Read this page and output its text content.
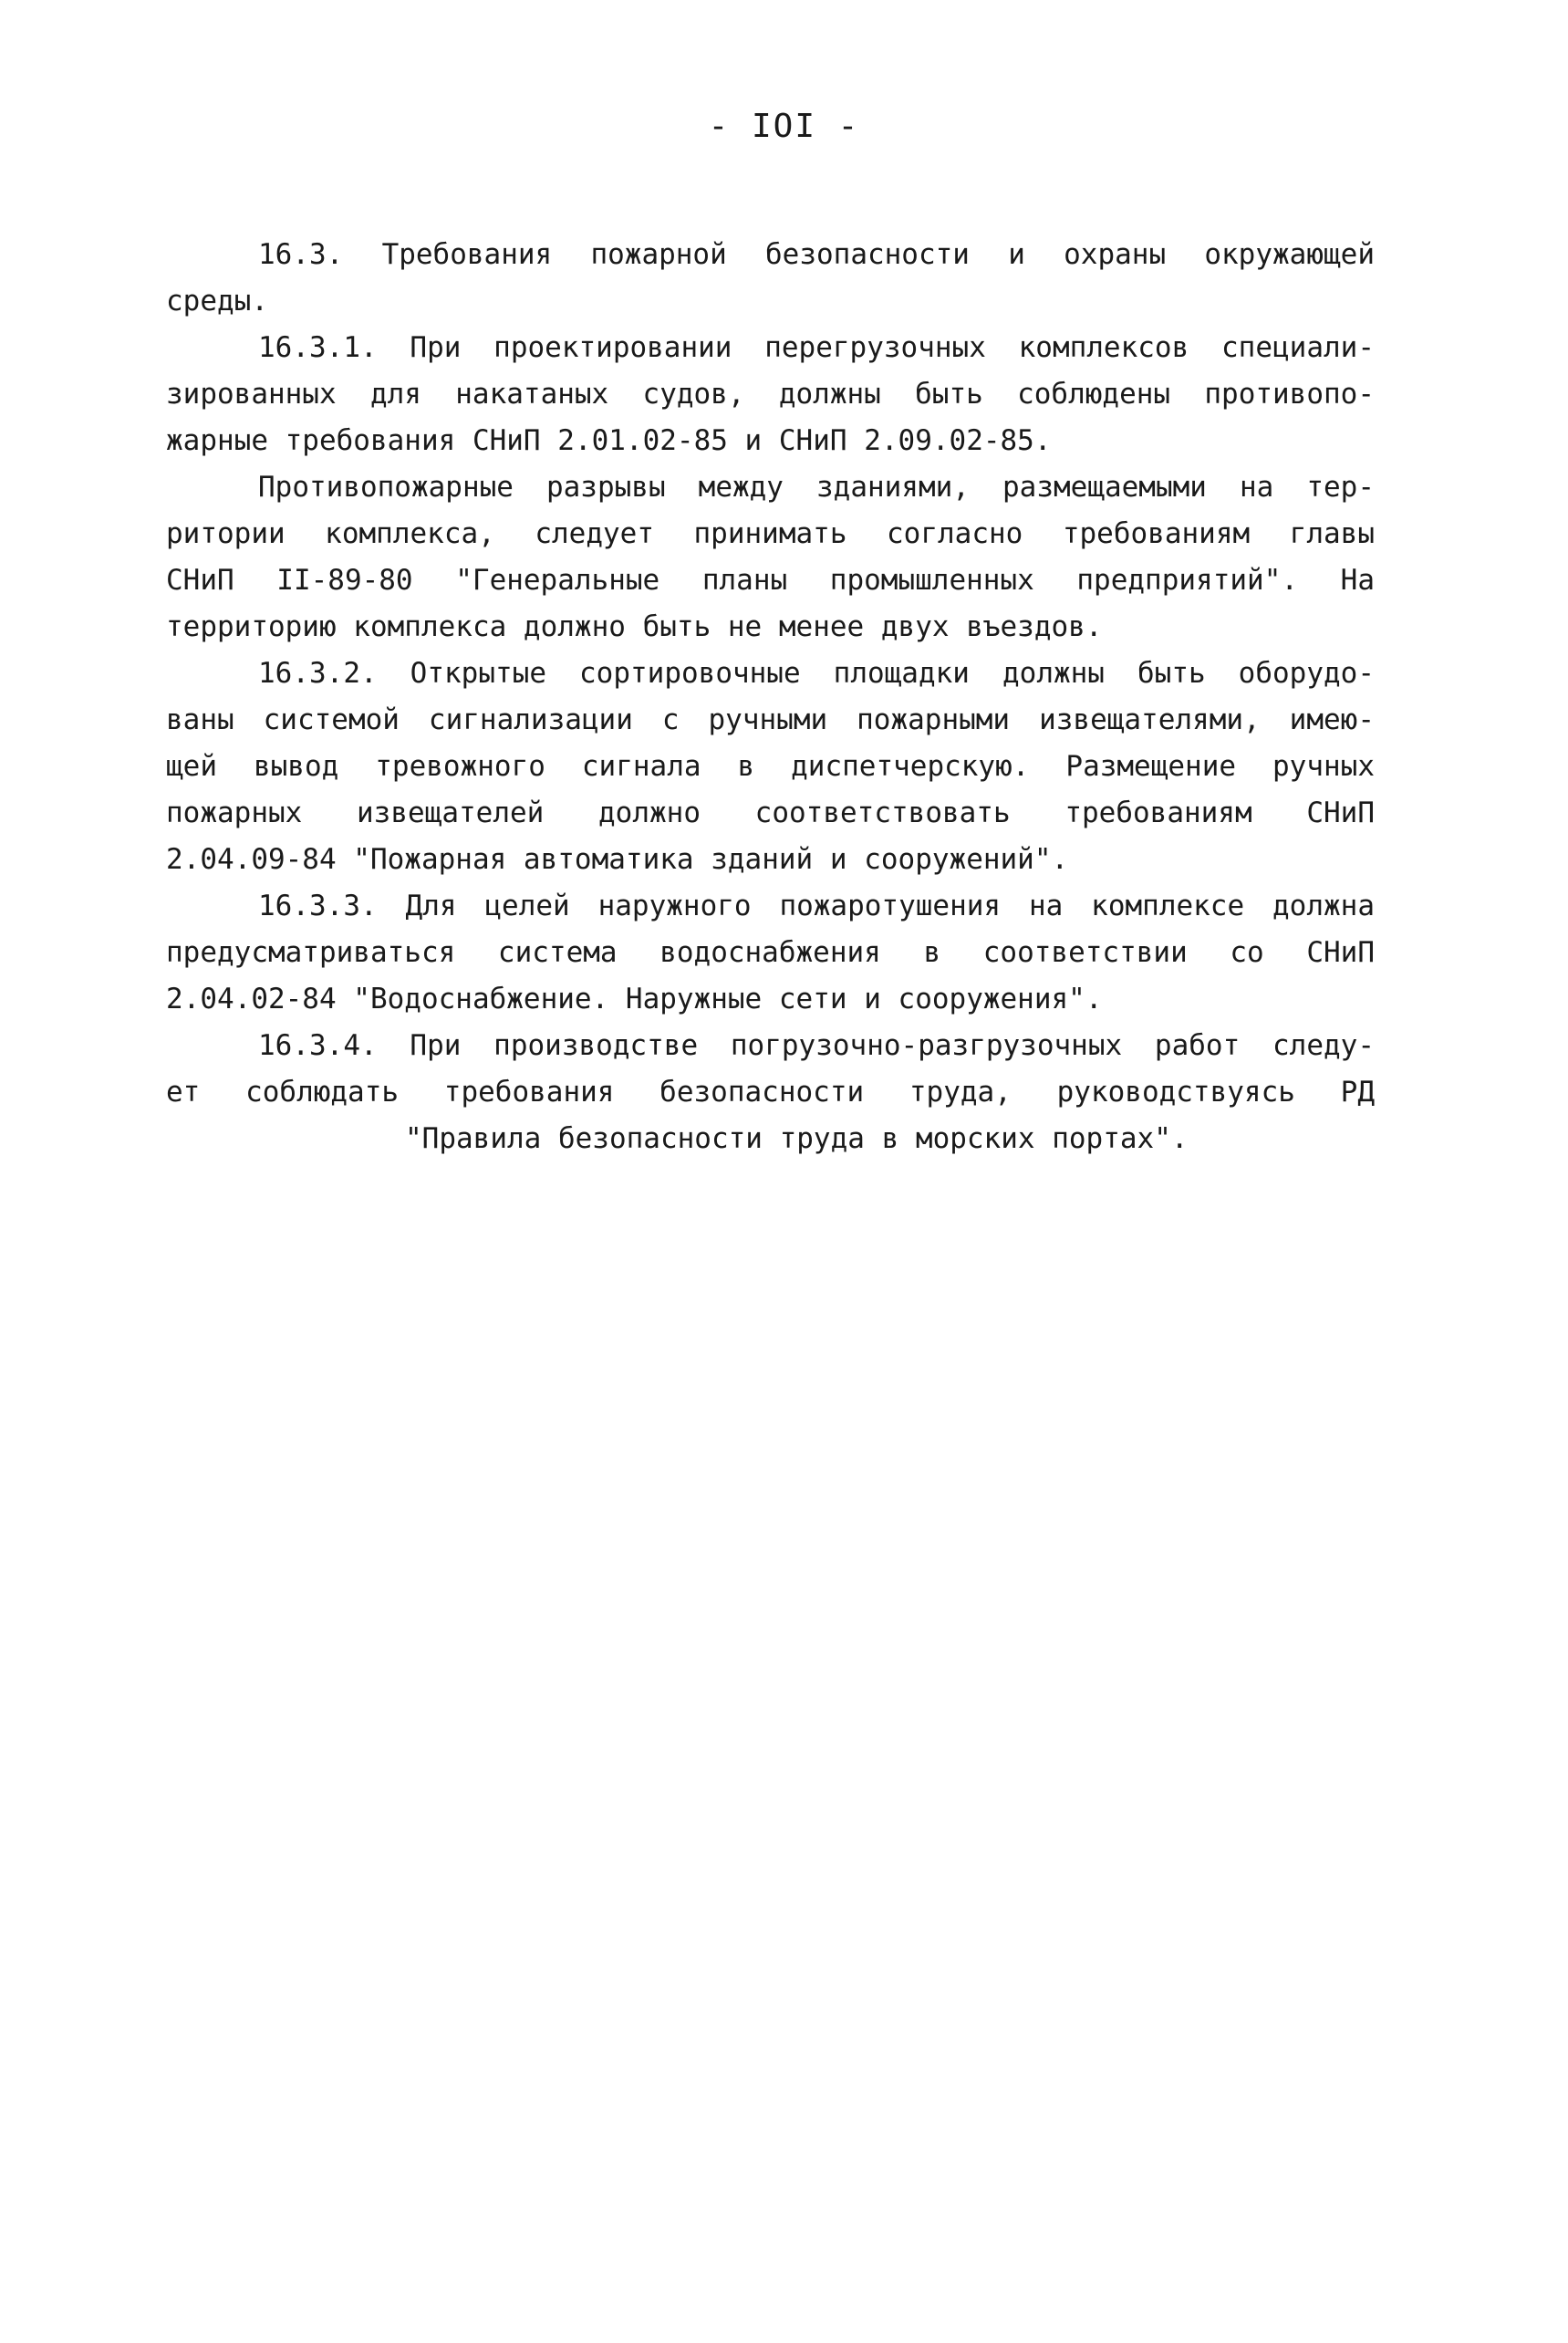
- IOI -
16.3. Требования пожарной безопасности и охраны окружающей
среды.
16.3.1. При проектировании перегрузочных комплексов специали-
зированных для накатаных судов, должны быть соблюдены противопо-
жарные требования СНиП 2.01.02-85 и СНиП 2.09.02-85.
Противопожарные разрывы между зданиями, размещаемыми на тер-
ритории комплекса, следует принимать согласно требованиям главы
СНиП II-89-80 "Генеральные планы промышленных предприятий". На
территорию комплекса должно быть не менее двух въездов.
16.3.2. Открытые сортировочные площадки должны быть оборудо-
ваны системой сигнализации с ручными пожарными извещателями, имею-
щей вывод тревожного сигнала в диспетчерскую. Размещение ручных
пожарных извещателей должно соответствовать требованиям СНиП
2.04.09-84 "Пожарная автоматика зданий и сооружений".
16.3.3. Для целей наружного пожаротушения на комплексе должна
предусматриваться система водоснабжения в соответствии со СНиП
2.04.02-84 "Водоснабжение. Наружные сети и сооружения".
16.3.4. При производстве погрузочно-разгрузочных работ следу-
ет соблюдать требования безопасности труда, руководствуясь РД
"Правила безопасности труда в морских портах".
